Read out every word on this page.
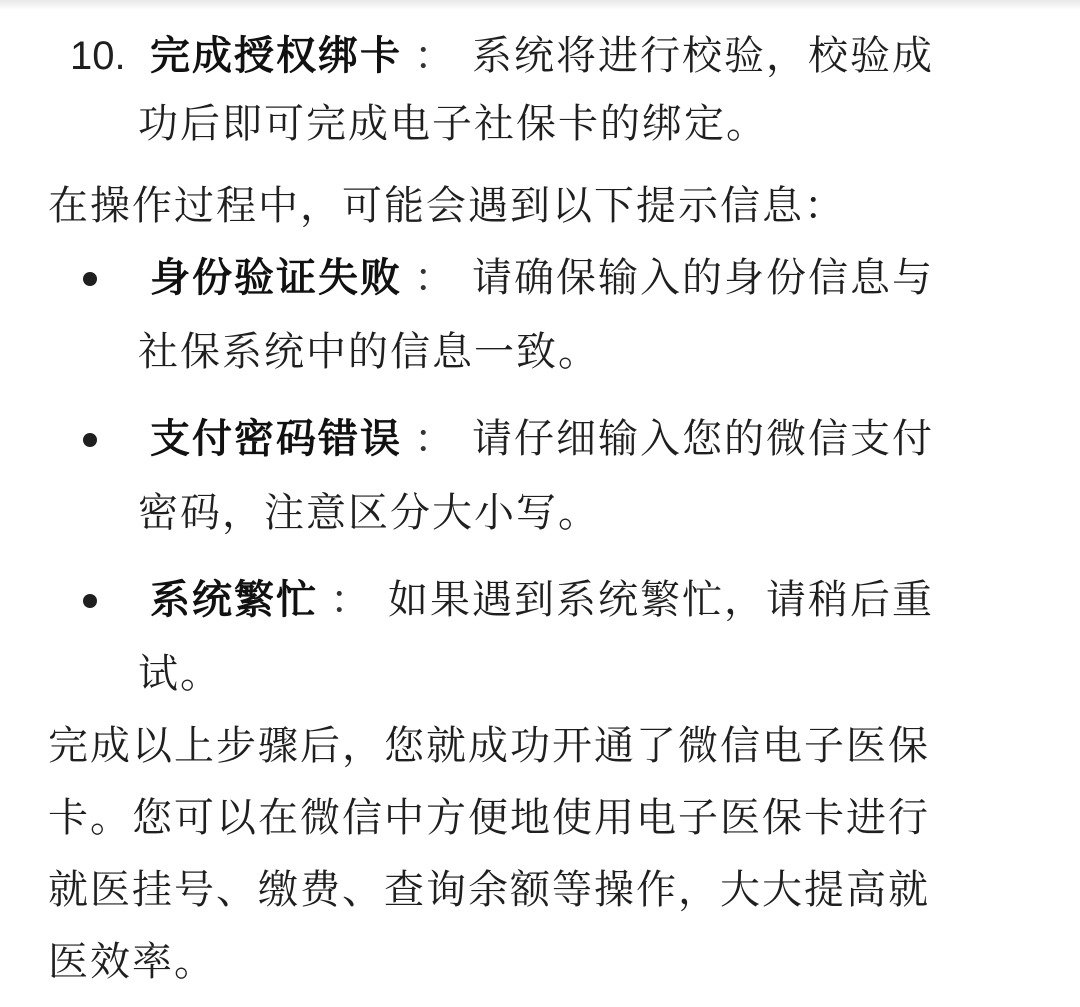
10. 完成授权绑卡 ： 系统将进行校验，校验成
功后即可完成电子社保卡的绑定。
在操作过程中，可能会遇到以下提示信息：
身份验证失败 ： 请确保输入的身份信息与
社保系统中的信息一致。
支付密码错误 ： 请仔细输入您的微信支付
密码，注意区分大小写。
系统繁忙 ： 如果遇到系统繁忙，请稍后重
试。
完成以上步骤后，您就成功开通了微信电子医保
卡。您可以在微信中方便地使用电子医保卡进行
就医挂号、缴费、查询余额等操作，大大提高就
医效率。
